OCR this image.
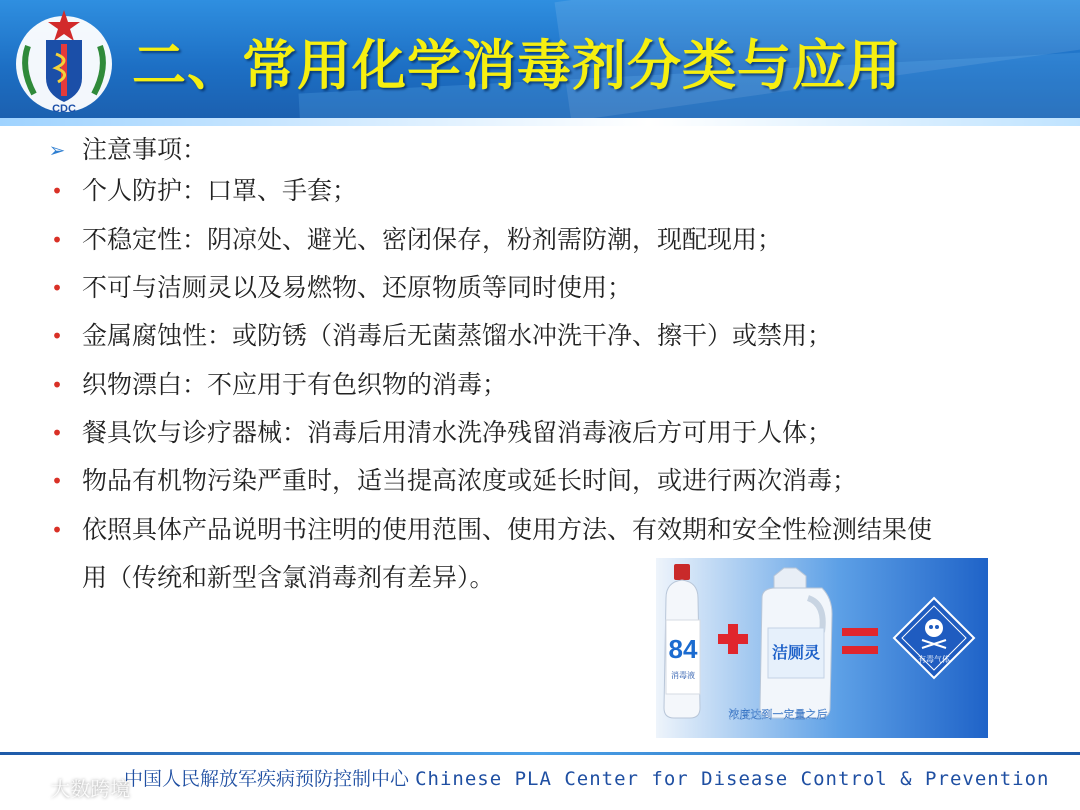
CDC
二、常用化学消毒剂分类与应用
➢ 注意事项：
• 个人防护：口罩、手套；
• 不稳定性：阴凉处、避光、密闭保存，粉剂需防潮，现配现用；
• 不可与洁厕灵以及易燃物、还原物质等同时使用；
• 金属腐蚀性：或防锈（消毒后无菌蒸馏水冲洗干净、擦干）或禁用；
• 织物漂白：不应用于有色织物的消毒；
• 餐具饮与诊疗器械：消毒后用清水洗净残留消毒液后方可用于人体；
• 物品有机物污染严重时，适当提高浓度或延长时间，或进行两次消毒；
• 依照具体产品说明书注明的使用范围、使用方法、有效期和安全性检测结果使
用（传统和新型含氯消毒剂有差异）。
84
消毒液
洁厕灵	有毒气体
浓度达到一定量之后
中国人民解放军疾病预防控制中心 Chinese PLA Center for Disease Control & Prevention
大数跨境
